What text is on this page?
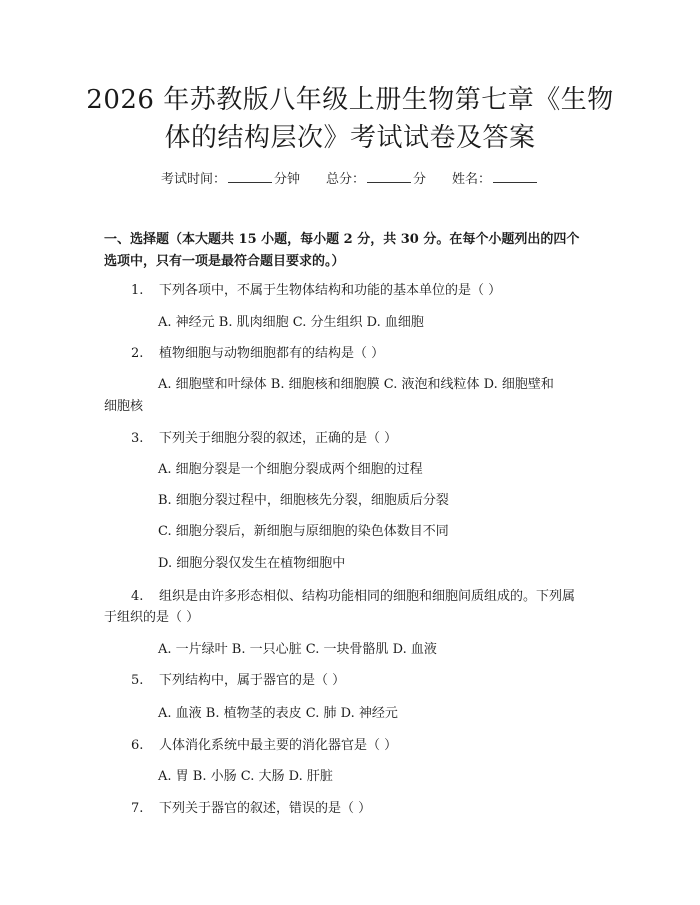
2026 年苏教版八年级上册生物第七章《生物
体的结构层次》考试试卷及答案
考试时间：	分钟 总分：	分 姓名：
一、选择题（本大题共 15 小题，每小题 2 分，共 30 分。在每个小题列出的四个
选项中，只有一项是最符合题目要求的。）
1. 下列各项中，不属于生物体结构和功能的基本单位的是（ ）
A. 神经元 B. 肌肉细胞 C. 分生组织 D. 血细胞
2. 植物细胞与动物细胞都有的结构是（ ）
A. 细胞壁和叶绿体 B. 细胞核和细胞膜 C. 液泡和线粒体 D. 细胞壁和
细胞核
3. 下列关于细胞分裂的叙述，正确的是（ ）
A. 细胞分裂是一个细胞分裂成两个细胞的过程
B. 细胞分裂过程中，细胞核先分裂，细胞质后分裂
C. 细胞分裂后，新细胞与原细胞的染色体数目不同
D. 细胞分裂仅发生在植物细胞中
4. 组织是由许多形态相似、结构功能相同的细胞和细胞间质组成的。下列属
于组织的是（ ）
A. 一片绿叶 B. 一只心脏 C. 一块骨骼肌 D. 血液
5. 下列结构中，属于器官的是（ ）
A. 血液 B. 植物茎的表皮 C. 肺 D. 神经元
6. 人体消化系统中最主要的消化器官是（ ）
A. 胃 B. 小肠 C. 大肠 D. 肝脏
7. 下列关于器官的叙述，错误的是（ ）
